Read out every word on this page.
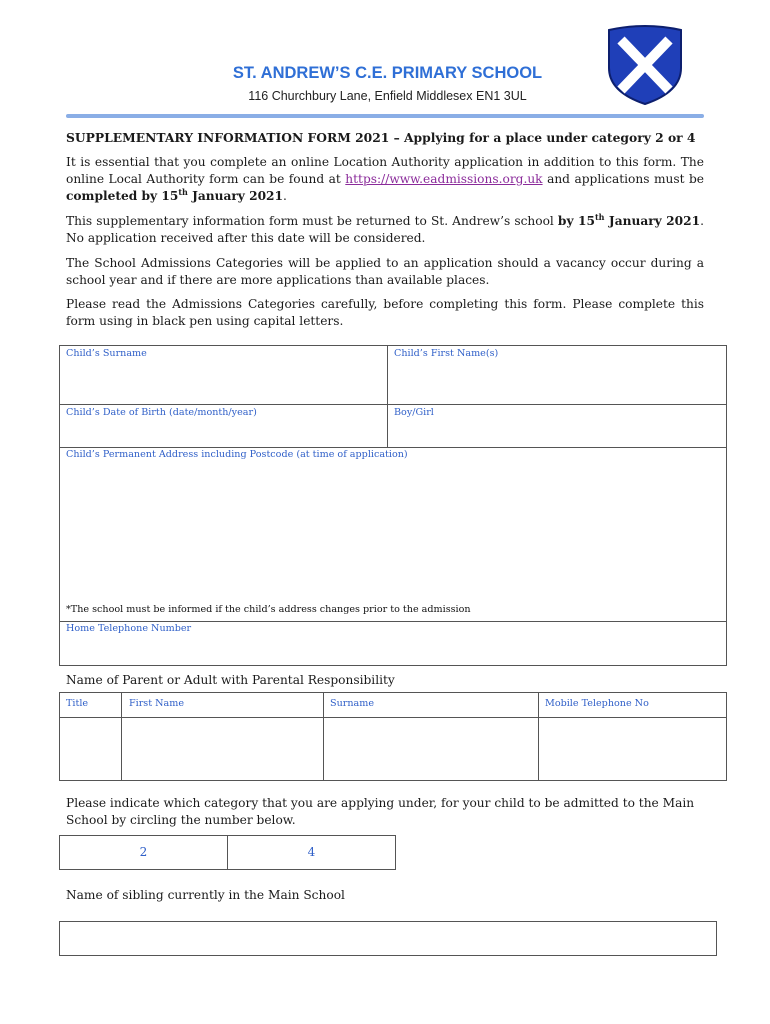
ST. ANDREW’S C.E. PRIMARY SCHOOL
116 Churchbury Lane, Enfield Middlesex EN1 3UL
SUPPLEMENTARY INFORMATION FORM 2021 – Applying for a place under category 2 or 4
It is essential that you complete an online Location Authority application in addition to this form. The online Local Authority form can be found at https://www.eadmissions.org.uk and applications must be completed by 15th January 2021.
This supplementary information form must be returned to St. Andrew’s school by 15th January 2021. No application received after this date will be considered.
The School Admissions Categories will be applied to an application should a vacancy occur during a school year and if there are more applications than available places.
Please read the Admissions Categories carefully, before completing this form. Please complete this form using in black pen using capital letters.
Child’s Surname	Child’s First Name(s)
Child’s Date of Birth (date/month/year)	Boy/Girl
Child’s Permanent Address including Postcode (at time of application)
*The school must be informed if the child’s address changes prior to the admission
Home Telephone Number
Name of Parent or Adult with Parental Responsibility
Title	First Name	Surname	Mobile Telephone No
Please indicate which category that you are applying under, for your child to be admitted to the Main School by circling the number below.
2	4
Name of sibling currently in the Main School
